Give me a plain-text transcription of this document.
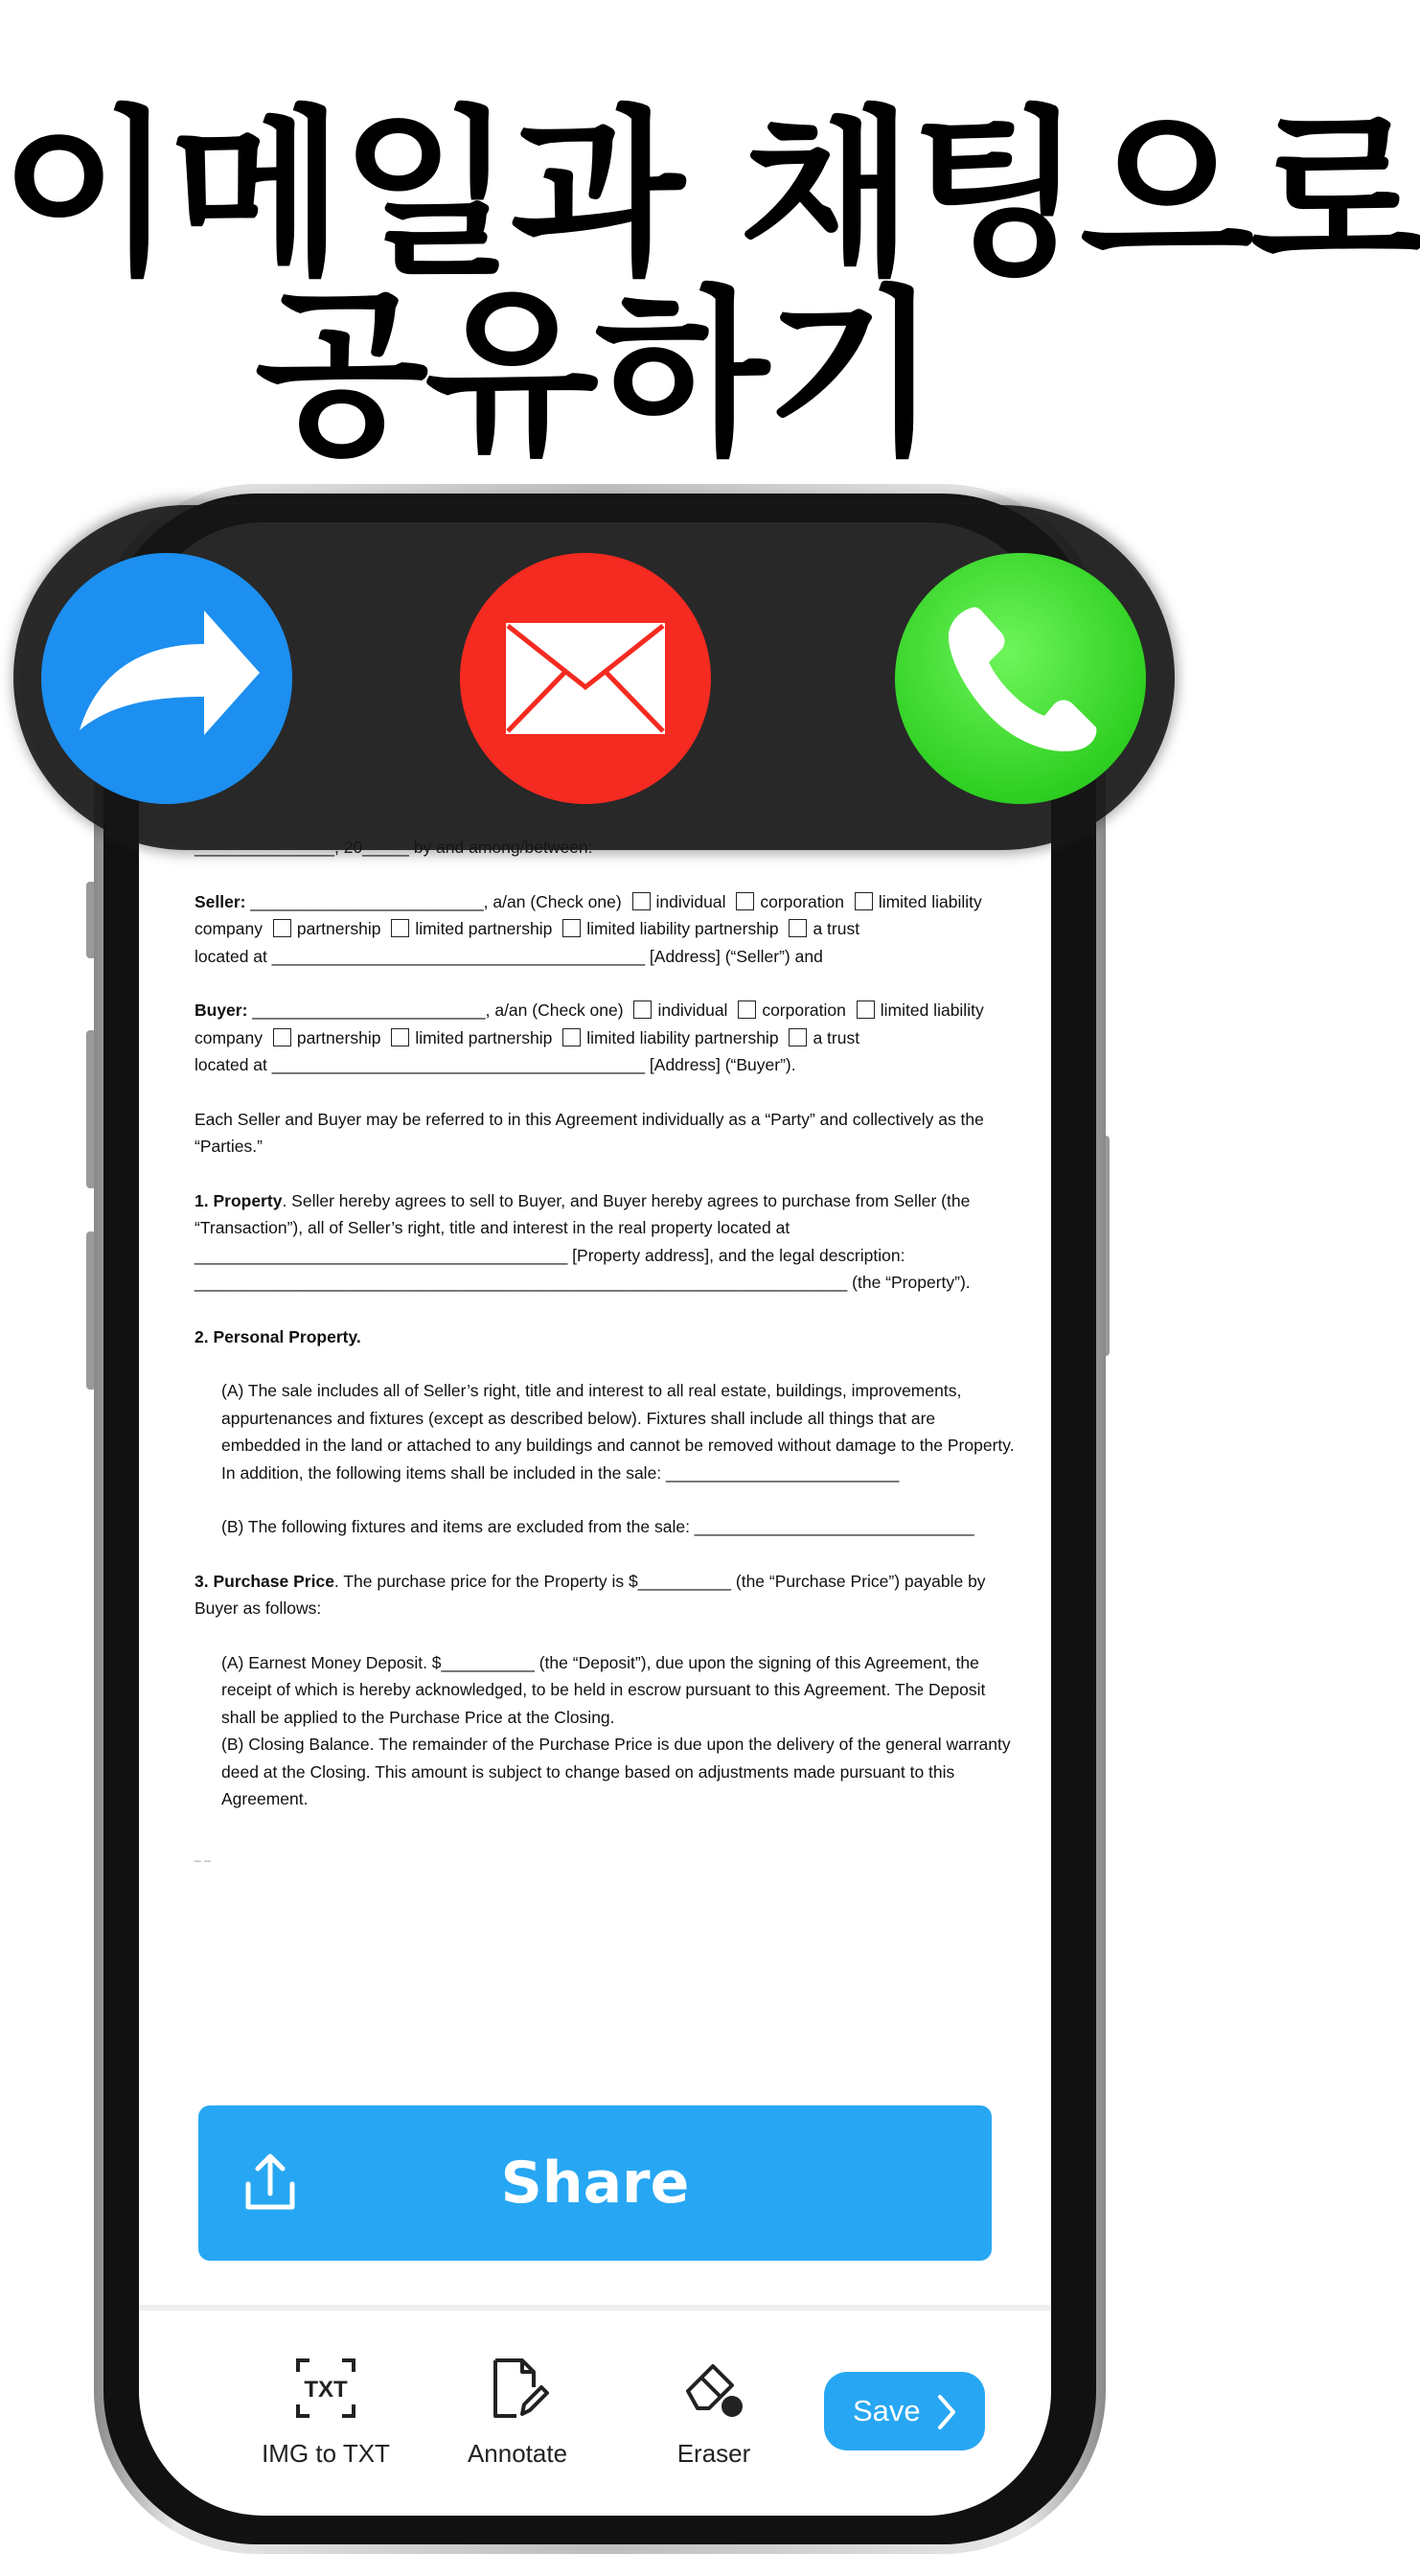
이메일과 채팅으로
공유하기

Seller: _________________________, a/an (Check one) individual corporation limited liability company partnership limited partnership limited liability partnership a trust
located at ________________________________________ [Address] (“Seller”) and

Buyer: _________________________, a/an (Check one) individual corporation limited liability company partnership limited partnership limited liability partnership a trust
located at ________________________________________ [Address] (“Buyer”).

Each Seller and Buyer may be referred to in this Agreement individually as a “Party” and collectively as the “Parties.”

1. Property. Seller hereby agrees to sell to Buyer, and Buyer hereby agrees to purchase from Seller (the “Transaction”), all of Seller’s right, title and interest in the real property located at ________________________________________ [Property address], and the legal description: ______________________________________________________________________ (the “Property”).

2. Personal Property.

(A) The sale includes all of Seller’s right, title and interest to all real estate, buildings, improvements, appurtenances and fixtures (except as described below). Fixtures shall include all things that are embedded in the land or attached to any buildings and cannot be removed without damage to the Property. In addition, the following items shall be included in the sale: _________________________

(B) The following fixtures and items are excluded from the sale: ______________________________

3. Purchase Price. The purchase price for the Property is $__________ (the “Purchase Price”) payable by Buyer as follows:

(A) Earnest Money Deposit. $__________ (the “Deposit”), due upon the signing of this Agreement, the receipt of which is hereby acknowledged, to be held in escrow pursuant to this Agreement. The Deposit shall be applied to the Purchase Price at the Closing.

(B) Closing Balance. The remainder of the Purchase Price is due upon the delivery of the general warranty deed at the Closing. This amount is subject to change based on adjustments made pursuant to this Agreement.

_ _

Share
TXT
IMG to TXT	Annotate	Eraser
Save
